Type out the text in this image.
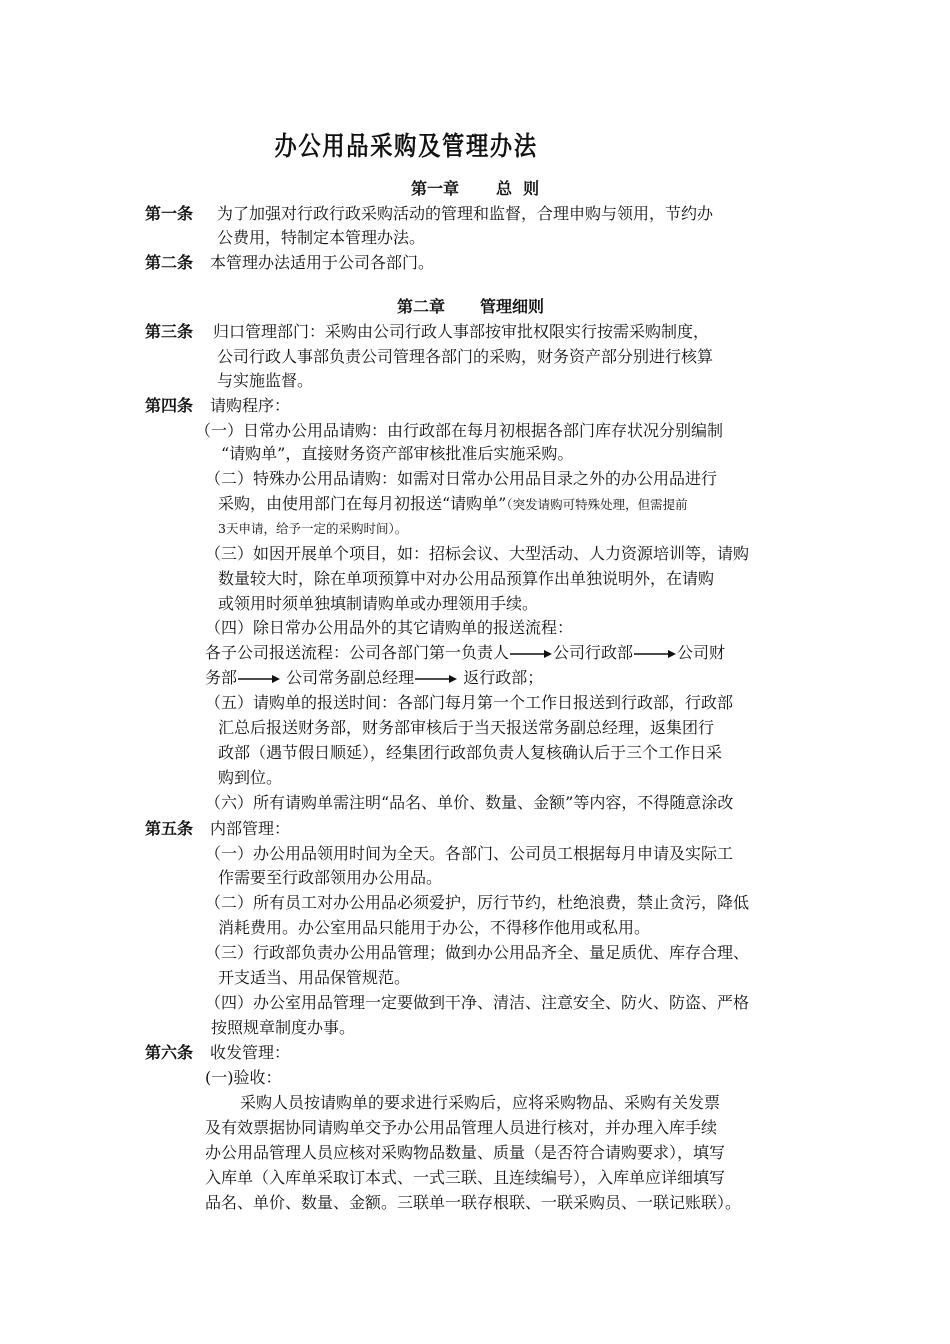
办公用品采购及管理办法
第一章 总  则
第一条 为了加强对行政行政采购活动的管理和监督，合理申购与领用，节约办
公费用，特制定本管理办法。
第二条 本管理办法适用于公司各部门。
第二章 管理细则
第三条 归口管理部门：采购由公司行政人事部按审批权限实行按需采购制度，
公司行政人事部负责公司管理各部门的采购，财务资产部分别进行核算
与实施监督。
第四条 请购程序：
（一）日常办公用品请购：由行政部在每月初根据各部门库存状况分别编制
“请购单”，直接财务资产部审核批准后实施采购。
（二）特殊办公用品请购：如需对日常办公用品目录之外的办公用品进行
采购，由使用部门在每月初报送“请购单”（突发请购可特殊处理，但需提前
3天申请，给予一定的采购时间）。
（三）如因开展单个项目，如：招标会议、大型活动、人力资源培训等，请购
数量较大时，除在单项预算中对办公用品预算作出单独说明外，在请购
或领用时须单独填制请购单或办理领用手续。
（四）除日常办公用品外的其它请购单的报送流程：
各子公司报送流程：公司各部门第一负责人	公司行政部	公司财
务部	公司常务副总经理	返行政部；
（五）请购单的报送时间：各部门每月第一个工作日报送到行政部，行政部
汇总后报送财务部，财务部审核后于当天报送常务副总经理，返集团行
政部（遇节假日顺延），经集团行政部负责人复核确认后于三个工作日采
购到位。
（六）所有请购单需注明“品名、单价、数量、金额”等内容，不得随意涂改
第五条 内部管理：
（一）办公用品领用时间为全天。各部门、公司员工根据每月申请及实际工
作需要至行政部领用办公用品。
（二）所有员工对办公用品必须爱护，厉行节约，杜绝浪费，禁止贪污，降低
消耗费用。办公室用品只能用于办公，不得移作他用或私用。
（三）行政部负责办公用品管理；做到办公用品齐全、量足质优、库存合理、
开支适当、用品保管规范。
（四）办公室用品管理一定要做到干净、清洁、注意安全、防火、防盗、严格
按照规章制度办事。
第六条 收发管理：
(一)验收：
采购人员按请购单的要求进行采购后，应将采购物品、采购有关发票
及有效票据协同请购单交予办公用品管理人员进行核对，并办理入库手续
办公用品管理人员应核对采购物品数量、质量（是否符合请购要求），填写
入库单（入库单采取订本式、一式三联、且连续编号），入库单应详细填写
品名、单价、数量、金额。三联单一联存根联、一联采购员、一联记账联）。
